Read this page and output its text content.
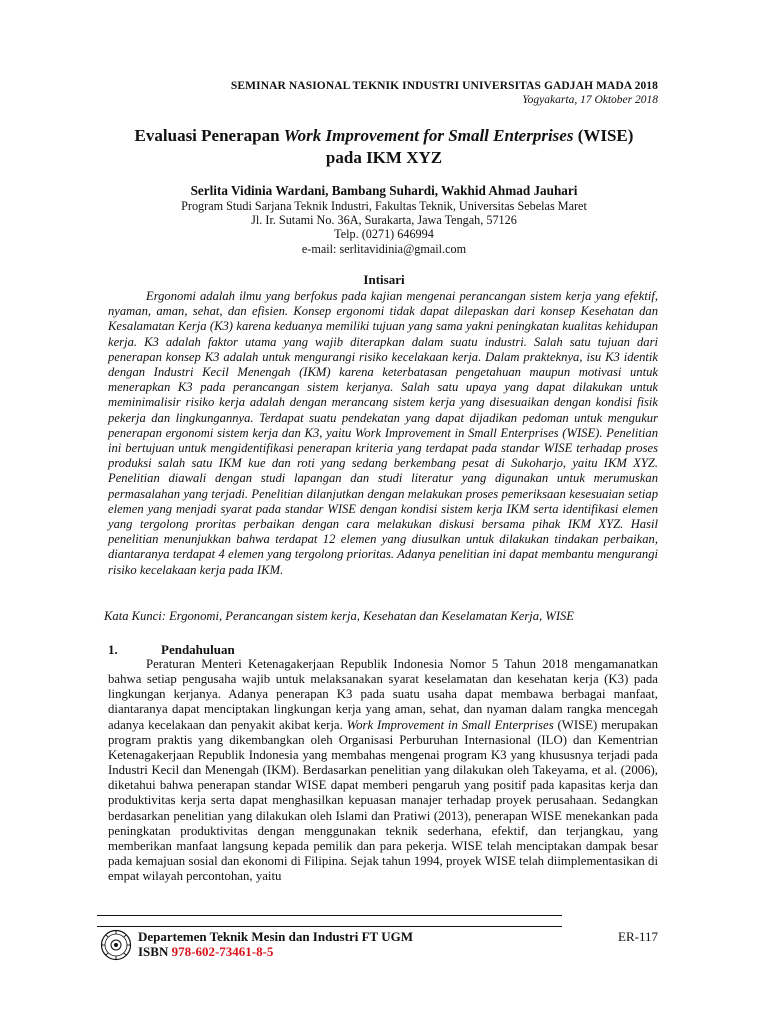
SEMINAR NASIONAL TEKNIK INDUSTRI UNIVERSITAS GADJAH MADA 2018
Yogyakarta, 17 Oktober 2018
Evaluasi Penerapan Work Improvement for Small Enterprises (WISE)
pada IKM XYZ
Serlita Vidinia Wardani, Bambang Suhardi, Wakhid Ahmad Jauhari
Program Studi Sarjana Teknik Industri, Fakultas Teknik, Universitas Sebelas Maret
Jl. Ir. Sutami No. 36A, Surakarta, Jawa Tengah, 57126
Telp. (0271) 646994
e-mail: serlitavidinia@gmail.com
Intisari
Ergonomi adalah ilmu yang berfokus pada kajian mengenai perancangan sistem kerja yang efektif, nyaman, aman, sehat, dan efisien. Konsep ergonomi tidak dapat dilepaskan dari konsep Kesehatan dan Kesalamatan Kerja (K3) karena keduanya memiliki tujuan yang sama yakni peningkatan kualitas kehidupan kerja. K3 adalah faktor utama yang wajib diterapkan dalam suatu industri. Salah satu tujuan dari penerapan konsep K3 adalah untuk mengurangi risiko kecelakaan kerja. Dalam prakteknya, isu K3 identik dengan Industri Kecil Menengah (IKM) karena keterbatasan pengetahuan maupun motivasi untuk menerapkan K3 pada perancangan sistem kerjanya. Salah satu upaya yang dapat dilakukan untuk meminimalisir risiko kerja adalah dengan merancang sistem kerja yang disesuaikan dengan kondisi fisik pekerja dan lingkungannya. Terdapat suatu pendekatan yang dapat dijadikan pedoman untuk mengukur penerapan ergonomi sistem kerja dan K3, yaitu Work Improvement in Small Enterprises (WISE). Penelitian ini bertujuan untuk mengidentifikasi penerapan kriteria yang terdapat pada standar WISE terhadap proses produksi salah satu IKM kue dan roti yang sedang berkembang pesat di Sukoharjo, yaitu IKM XYZ. Penelitian diawali dengan studi lapangan dan studi literatur yang digunakan untuk merumuskan permasalahan yang terjadi. Penelitian dilanjutkan dengan melakukan proses pemeriksaan kesesuaian setiap elemen yang menjadi syarat pada standar WISE dengan kondisi sistem kerja IKM serta identifikasi elemen yang tergolong proritas perbaikan dengan cara melakukan diskusi bersama pihak IKM XYZ. Hasil penelitian menunjukkan bahwa terdapat 12 elemen yang diusulkan untuk dilakukan tindakan perbaikan, diantaranya terdapat 4 elemen yang tergolong prioritas. Adanya penelitian ini dapat membantu mengurangi risiko kecelakaan kerja pada IKM.
Kata Kunci: Ergonomi, Perancangan sistem kerja, Kesehatan dan Keselamatan Kerja, WISE
1.	Pendahuluan
Peraturan Menteri Ketenagakerjaan Republik Indonesia Nomor 5 Tahun 2018 mengamanatkan bahwa setiap pengusaha wajib untuk melaksanakan syarat keselamatan dan kesehatan kerja (K3) pada lingkungan kerjanya. Adanya penerapan K3 pada suatu usaha dapat membawa berbagai manfaat, diantaranya dapat menciptakan lingkungan kerja yang aman, sehat, dan nyaman dalam rangka mencegah adanya kecelakaan dan penyakit akibat kerja. Work Improvement in Small Enterprises (WISE) merupakan program praktis yang dikembangkan oleh Organisasi Perburuhan Internasional (ILO) dan Kementrian Ketenagakerjaan Republik Indonesia yang membahas mengenai program K3 yang khususnya terjadi pada Industri Kecil dan Menengah (IKM). Berdasarkan penelitian yang dilakukan oleh Takeyama, et al. (2006), diketahui bahwa penerapan standar WISE dapat memberi pengaruh yang positif pada kapasitas kerja dan produktivitas kerja serta dapat menghasilkan kepuasan manajer terhadap proyek perusahaan. Sedangkan berdasarkan penelitian yang dilakukan oleh Islami dan Pratiwi (2013), penerapan WISE menekankan pada peningkatan produktivitas dengan menggunakan teknik sederhana, efektif, dan terjangkau, yang memberikan manfaat langsung kepada pemilik dan para pekerja. WISE telah menciptakan dampak besar pada kemajuan sosial dan ekonomi di Filipina. Sejak tahun 1994, proyek WISE telah diimplementasikan di empat wilayah percontohan, yaitu
Departemen Teknik Mesin dan Industri FT UGM
ISBN 978-602-73461-8-5
ER-117
